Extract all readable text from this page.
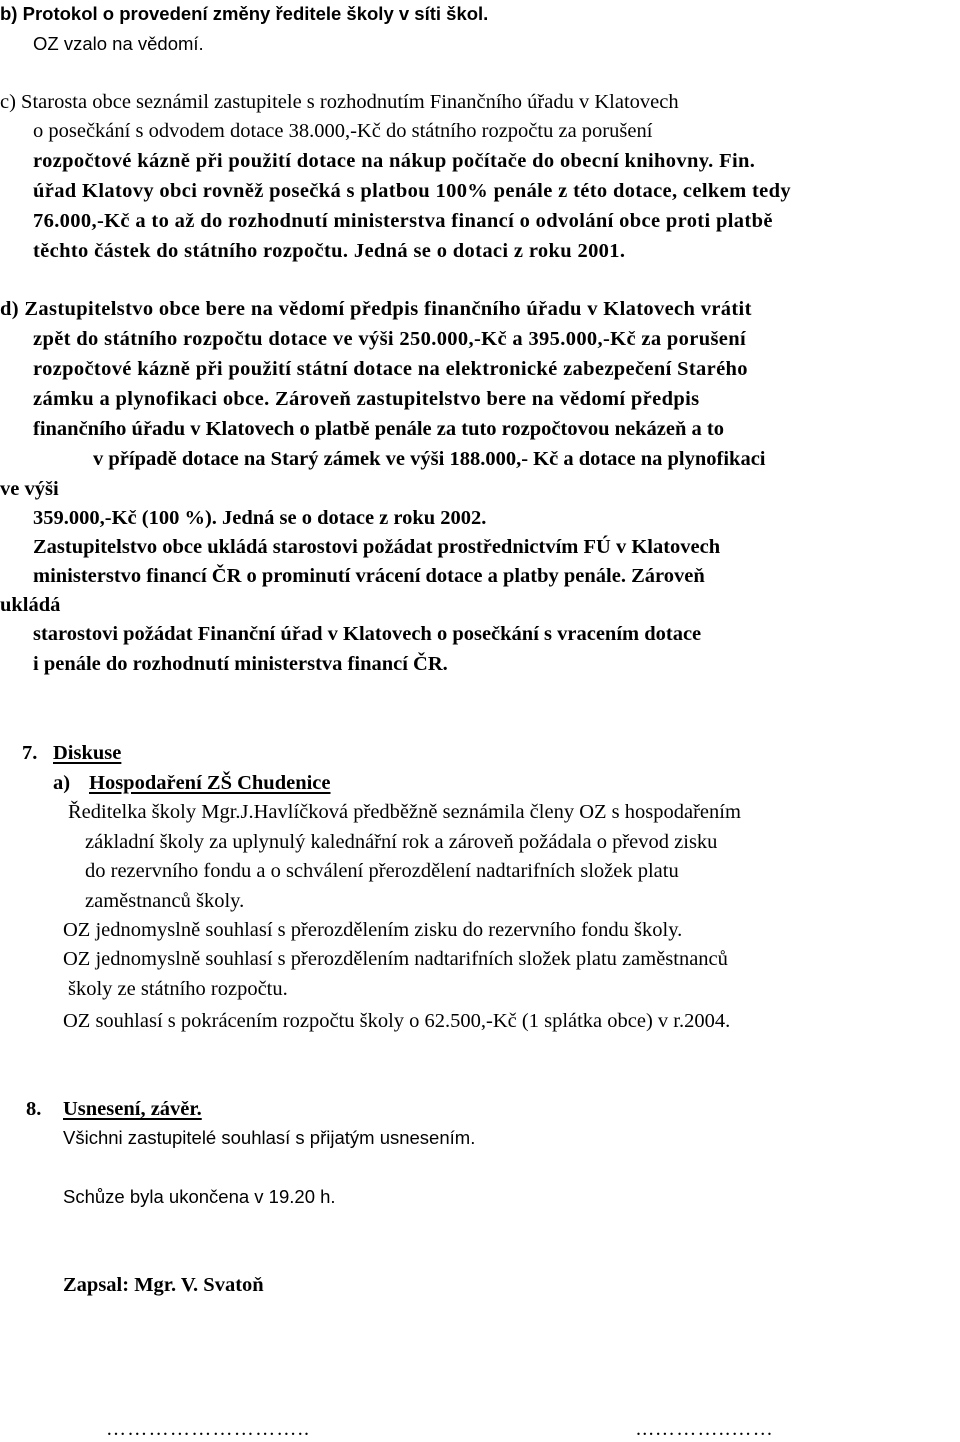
b) Protokol o provedení změny ředitele školy v síti škol.
OZ vzalo na vědomí.
c) Starosta obce seznámil zastupitele s rozhodnutím Finančního úřadu v Klatovech
o posečkání s odvodem dotace 38.000,-Kč do státního rozpočtu za porušení
rozpočtové kázně při použití dotace na nákup počítače do obecní knihovny. Fin.
úřad Klatovy obci rovněž posečká s platbou 100% penále z této dotace, celkem tedy
76.000,-Kč a to až do rozhodnutí ministerstva financí o odvolání obce proti platbě
těchto částek do státního rozpočtu. Jedná se o dotaci z roku 2001.
d) Zastupitelstvo obce bere na vědomí předpis finančního úřadu v Klatovech vrátit
zpět do státního rozpočtu dotace ve výši 250.000,-Kč a 395.000,-Kč za porušení
rozpočtové kázně při použití státní dotace na elektronické zabezpečení Starého
zámku a plynofikaci obce. Zároveň zastupitelstvo bere na vědomí předpis
finančního úřadu v Klatovech o platbě penále za tuto rozpočtovou nekázeň a to
v případě dotace na Starý zámek ve výši 188.000,- Kč a dotace na plynofikaci
ve výši
359.000,-Kč (100 %). Jedná se o dotace z roku 2002.
Zastupitelstvo obce ukládá starostovi požádat prostřednictvím FÚ v Klatovech
ministerstvo financí ČR o prominutí vrácení dotace a platby penále. Zároveň
ukládá
starostovi požádat Finanční úřad v Klatovech o posečkání s vracením dotace
i penále do rozhodnutí ministerstva financí ČR.
7. Diskuse
a) Hospodaření ZŠ Chudenice
Ředitelka školy Mgr.J.Havlíčková předběžně seznámila členy OZ s hospodařením
základní školy za uplynulý kalednářní rok a zároveň požádala o převod zisku
do rezervního fondu a o schválení přerozdělení nadtarifních složek platu
zaměstnanců školy.
OZ jednomyslně souhlasí s přerozdělením zisku do rezervního fondu školy.
OZ jednomyslně souhlasí s přerozdělením nadtarifních složek platu zaměstnanců
školy ze státního rozpočtu.
OZ souhlasí s pokrácením rozpočtu školy o 62.500,-Kč (1 splátka obce) v r.2004.
8. Usnesení, závěr.
Všichni zastupitelé souhlasí s přijatým usnesením.
Schůze byla ukončena v 19.20 h.
Zapsal: Mgr. V. Svatoň
………………………..	...………..……
